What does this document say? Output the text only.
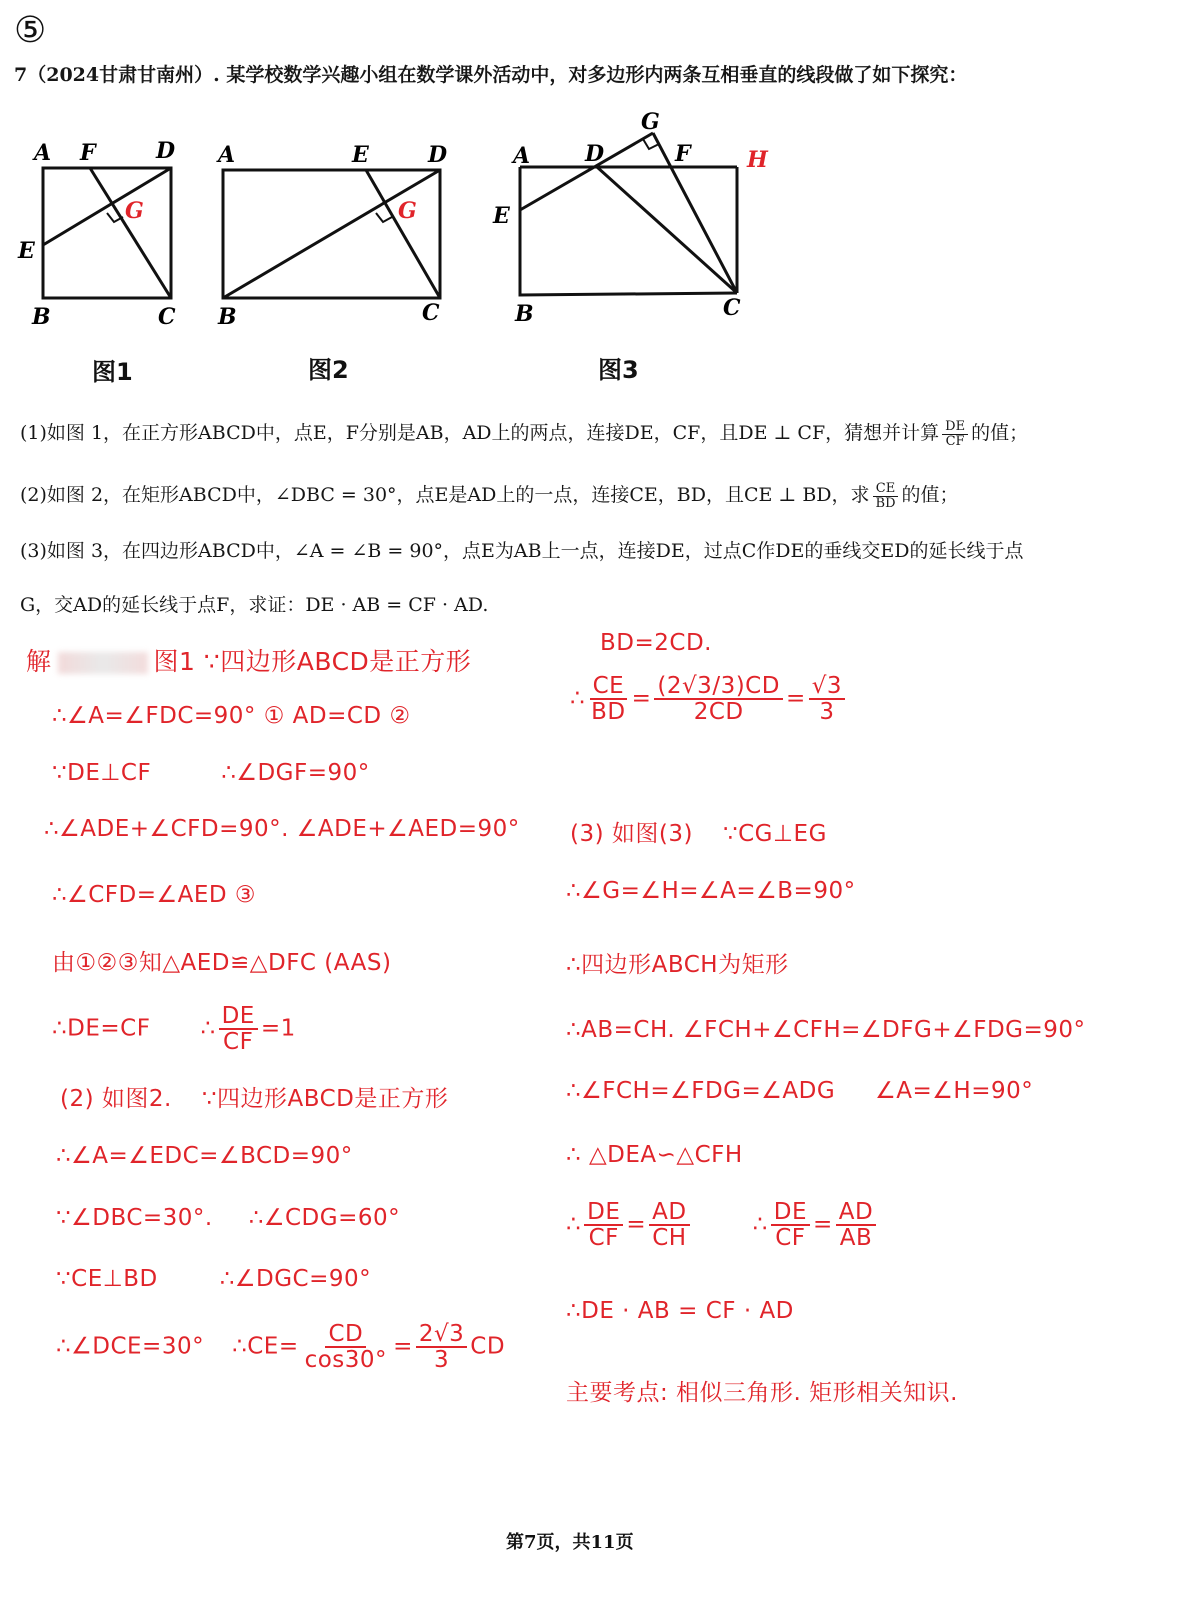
⑤
7（2024甘肃甘南州）. 某学校数学兴趣小组在数学课外活动中，对多边形内两条互相垂直的线段做了如下探究：
A F	D
E
B	C
G
图1
A	E	D
B	C
G
图2
A D
G
F	H
E
B	C
图3
(1)如图 1，在正方形ABCD中，点E，F分别是AB，AD上的两点，连接DE，CF，且DE ⊥ CF，猜想并计算 $\frac{DE}{CF}$ 的值；
(2)如图 2，在矩形ABCD中，∠DBC = 30°，点E是AD上的一点，连接CE，BD，且CE ⊥ BD，求 $\frac{CE}{BD}$ 的值；
(3)如图 3，在四边形ABCD中，∠A = ∠B = 90°，点E为AB上一点，连接DE，过点C作DE的垂线交ED的延长线于点
G，交AD的延长线于点F，求证：DE · AB = CF · AD.
解	图1 ∵四边形ABCD是正方形
∴∠A=∠FDC=90° ① AD=CD ②
∵DE⊥CF	∴∠DGF=90°
∴∠ADE+∠CFD=90°. ∠ADE+∠AED=90°
∴∠CFD=∠AED ③
由①②③知△AED≌△DFC (AAS)
∴DE=CF ∴ $\frac{DE}{CF} =1$
(2) 如图2. ∵四边形ABCD是正方形
∴∠A=∠EDC=∠BCD=90°
∵∠DBC=30°. ∴∠CDG=60°
∵CE⊥BD	∴∠DGC=90°
∴∠DCE=30° ∴CE= $\frac{CD}{\cos 30^\circ} = \frac{2√3}{3}$ CD
BD=2CD.
∴ $\frac{CE}{BD} = \frac{(2√3/3)CD}{2CD} = \frac{√3}{3}$
(3) 如图(3) ∵CG⊥EG
∴∠G=∠H=∠A=∠B=90°
∴四边形ABCH为矩形
∴AB=CH. ∠FCH+∠CFH=∠DFG+∠FDG=90°
∴∠FCH=∠FDG=∠ADG ∠A=∠H=90°
∴ △DEA∽△CFH
∴ $\frac{DE}{CF} = \frac{AD}{CH}$	∴ $\frac{DE}{CF} = \frac{AD}{AB}$
∴DE · AB = CF · AD
主要考点: 相似三角形. 矩形相关知识.
第7页，共11页
